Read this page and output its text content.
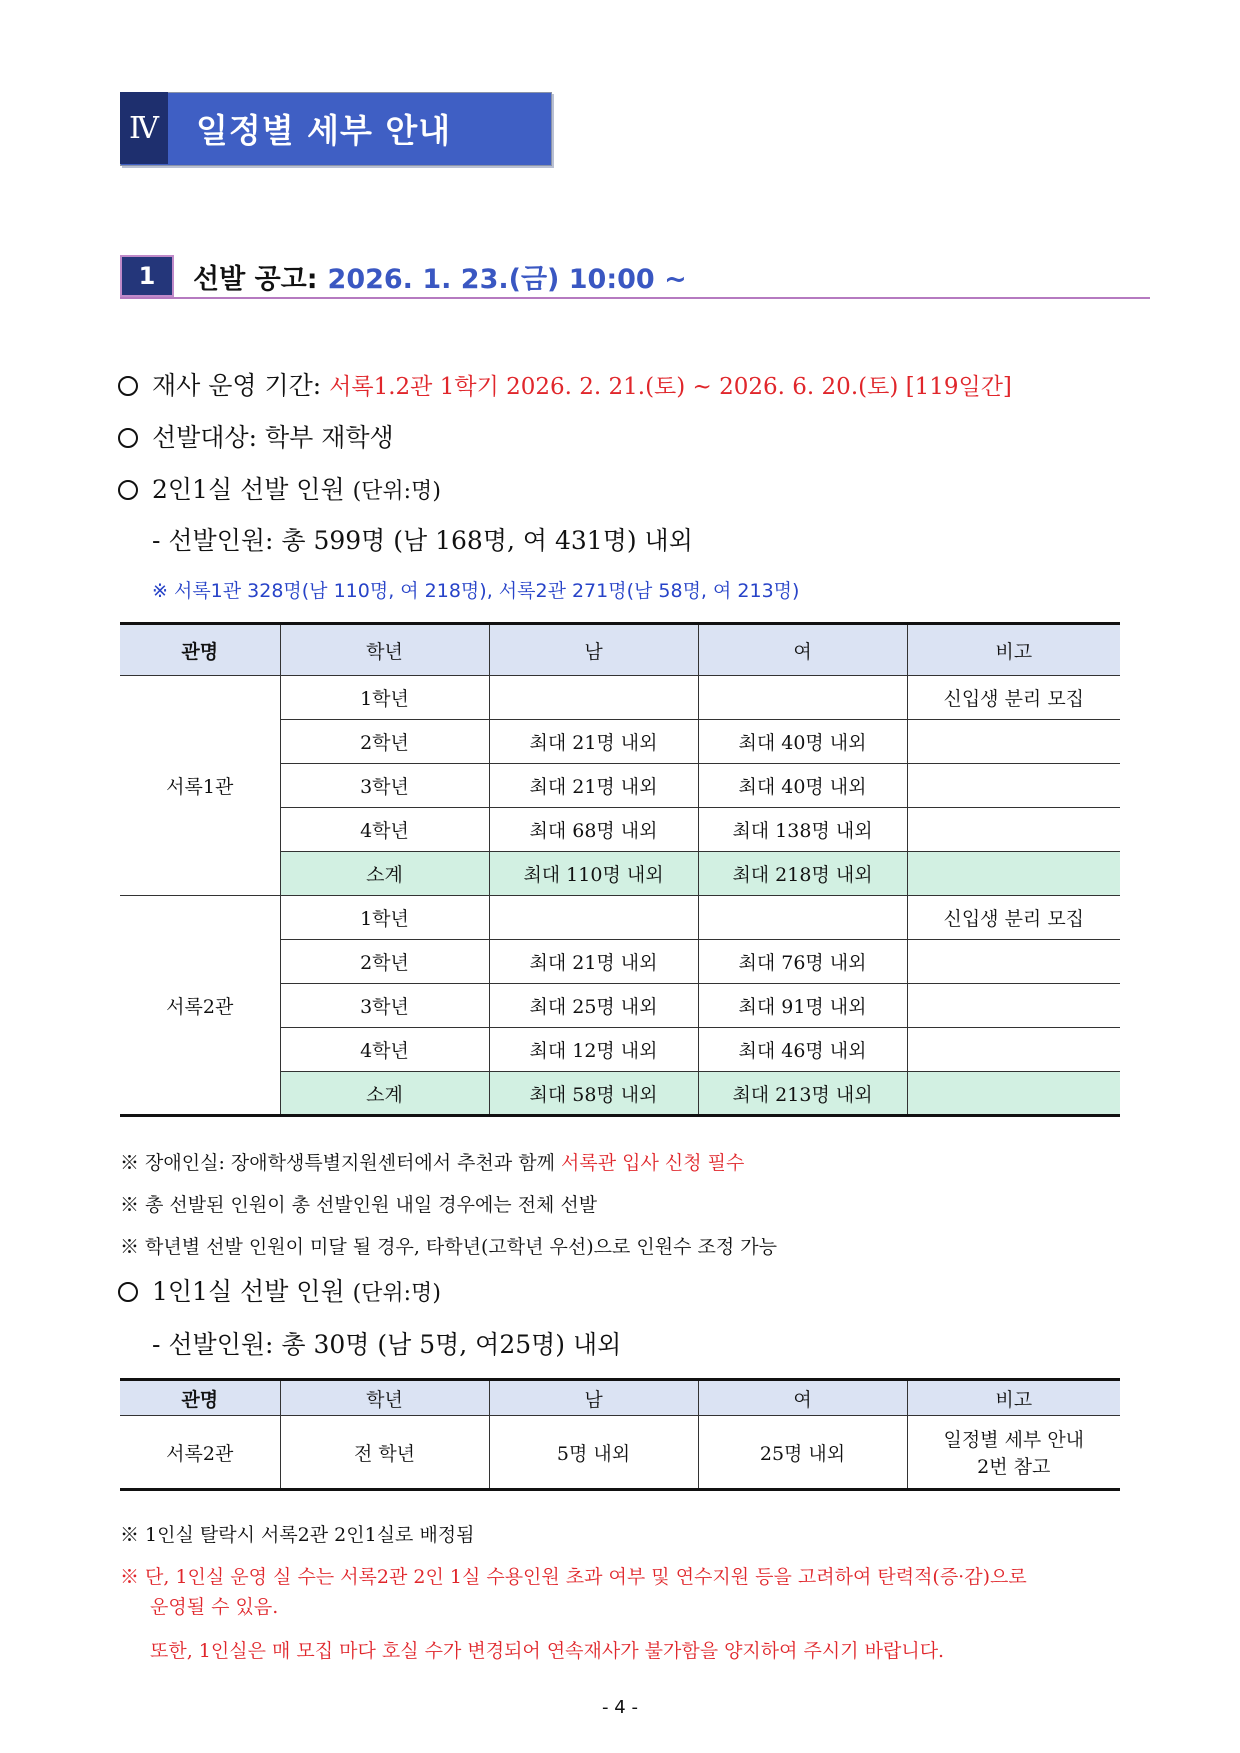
Ⅳ 일정별 세부 안내
1	선발 공고: 2026. 1. 23.(금) 10:00 ~
재사 운영 기간: 서록1.2관 1학기 2026. 2. 21.(토) ~ 2026. 6. 20.(토) [119일간]
선발대상: 학부 재학생
2인1실 선발 인원 (단위:명)
- 선발인원: 총 599명 (남 168명, 여 431명) 내외
※ 서록1관 328명(남 110명, 여 218명), 서록2관 271명(남 58명, 여 213명)
관명	학년	남	여	비고
서록1관	1학년			신입생 분리 모집
	2학년	최대 21명 내외	최대 40명 내외	
	3학년	최대 21명 내외	최대 40명 내외	
	4학년	최대 68명 내외	최대 138명 내외	
	소계	최대 110명 내외	최대 218명 내외	
서록2관	1학년			신입생 분리 모집
	2학년	최대 21명 내외	최대 76명 내외	
	3학년	최대 25명 내외	최대 91명 내외	
	4학년	최대 12명 내외	최대 46명 내외	
	소계	최대 58명 내외	최대 213명 내외	
※ 장애인실: 장애학생특별지원센터에서 추천과 함께 서록관 입사 신청 필수
※ 총 선발된 인원이 총 선발인원 내일 경우에는 전체 선발
※ 학년별 선발 인원이 미달 될 경우, 타학년(고학년 우선)으로 인원수 조정 가능
1인1실 선발 인원 (단위:명)
- 선발인원: 총 30명 (남 5명, 여25명) 내외
관명	학년	남	여	비고
서록2관	전 학년	5명 내외	25명 내외	일정별 세부 안내
2번 참고
※ 1인실 탈락시 서록2관 2인1실로 배정됨
※ 단, 1인실 운영 실 수는 서록2관 2인 1실 수용인원 초과 여부 및 연수지원 등을 고려하여 탄력적(증·감)으로
운영될 수 있음.
또한, 1인실은 매 모집 마다 호실 수가 변경되어 연속재사가 불가함을 양지하여 주시기 바랍니다.
- 4 -
